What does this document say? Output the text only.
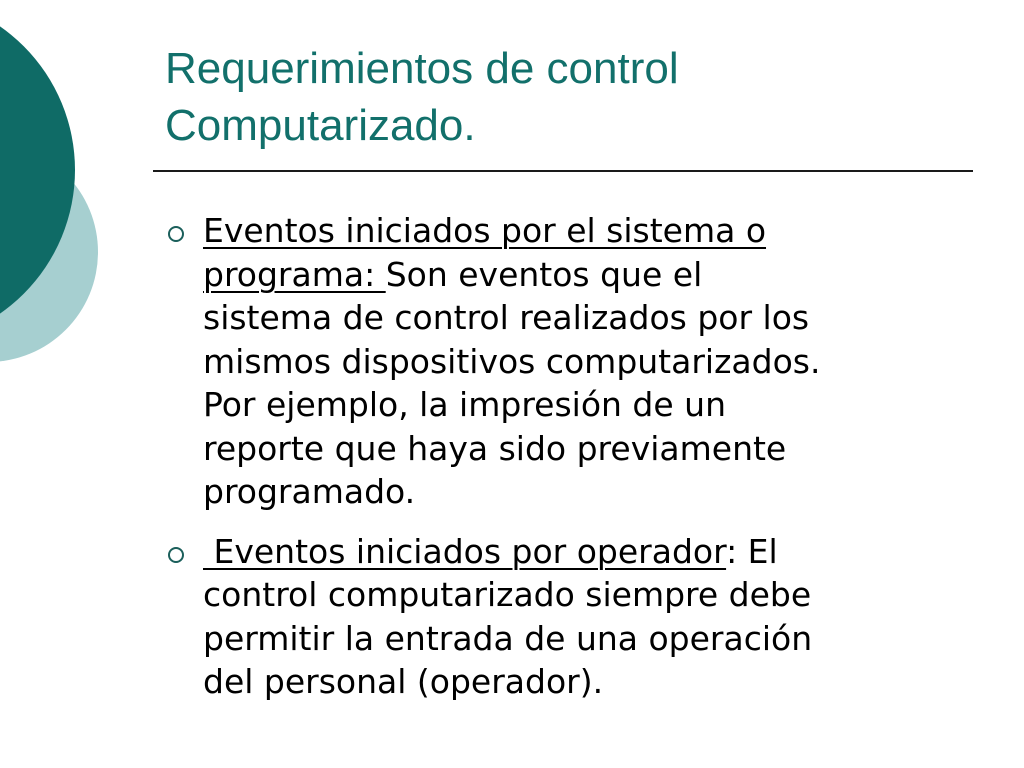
Requerimientos de control
Computarizado.
Eventos iniciados por el sistema o
programa: Son eventos que el
sistema de control realizados por los
mismos dispositivos computarizados.
Por ejemplo, la impresión de un
reporte que haya sido previamente
programado.
Eventos iniciados por operador: El
control computarizado siempre debe
permitir la entrada de una operación
del personal (operador).
